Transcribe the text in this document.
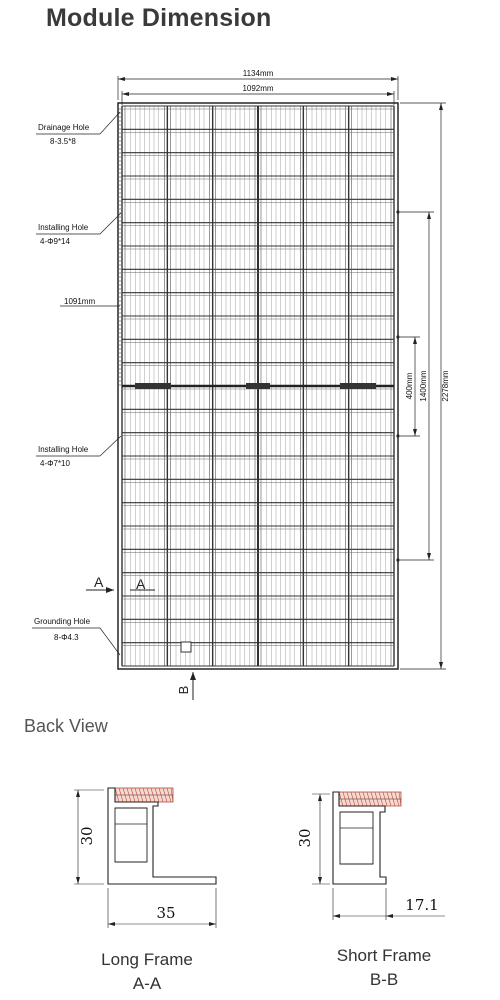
Module Dimension
1134mm
1092mm
2278mm
1400mm
400mm
Drainage Hole
8-3.5*8
Installing Hole
4-Φ9*14
1091mm
Installing Hole
4-Φ7*10
A A
Grounding Hole
8-Φ4.3
B
30
35
30
17.1
Back View
Long Frame
A-A
Short Frame
B-B
